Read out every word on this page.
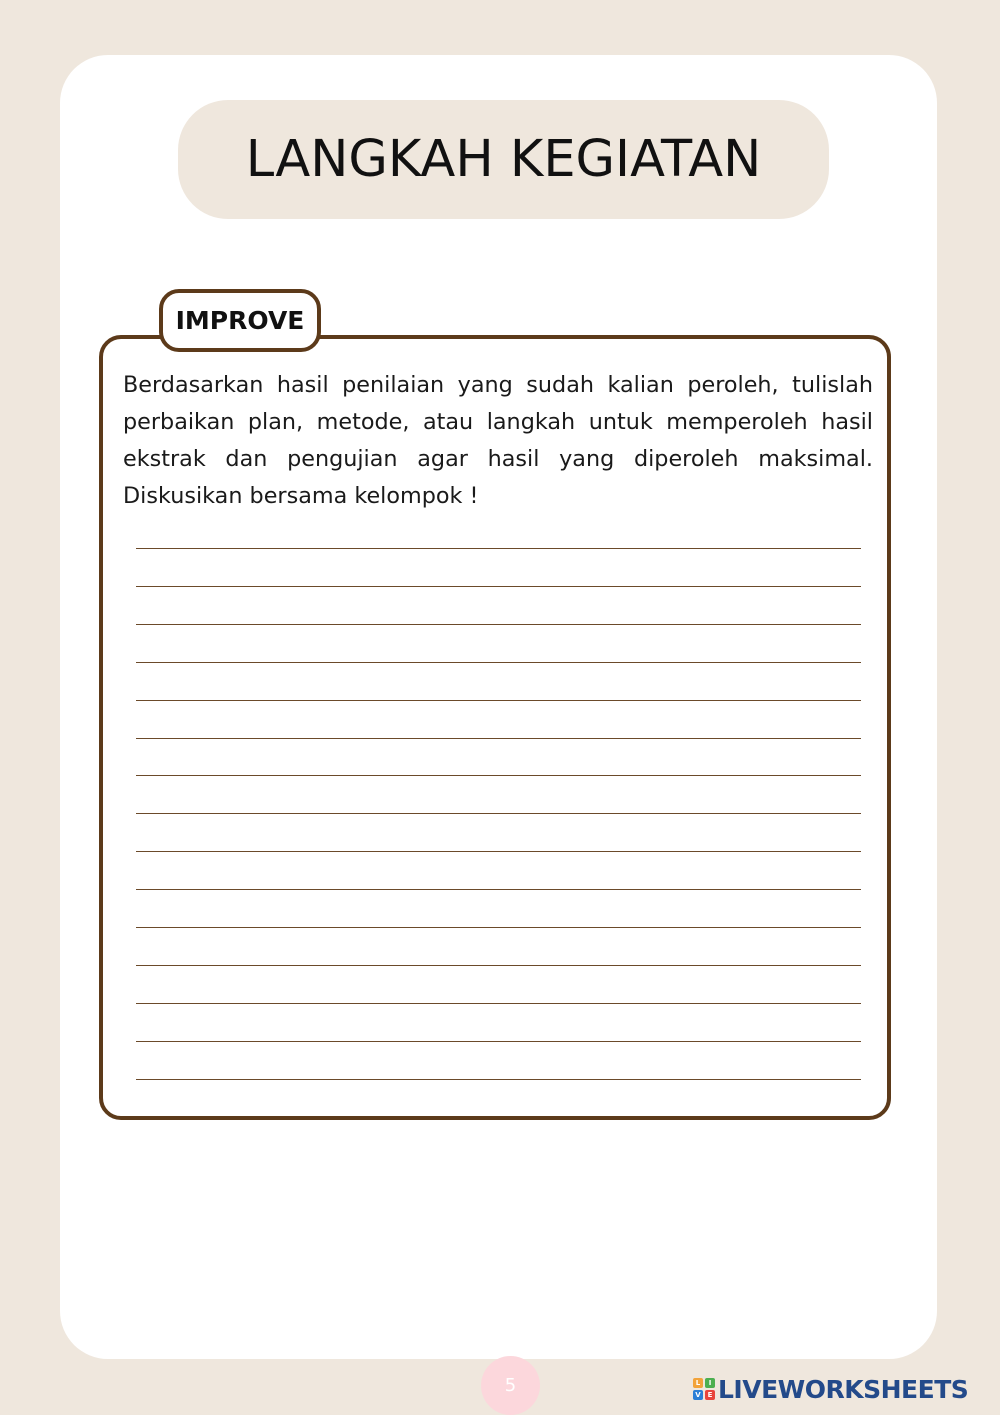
LANGKAH KEGIATAN
IMPROVE

Berdasarkan hasil penilaian yang sudah kalian peroleh, tulislah perbaikan plan, metode, atau langkah untuk memperoleh hasil ekstrak dan pengujian agar hasil yang diperoleh maksimal. Diskusikan bersama kelompok !

5	L	I
V E LIVEWORKSHEETS
